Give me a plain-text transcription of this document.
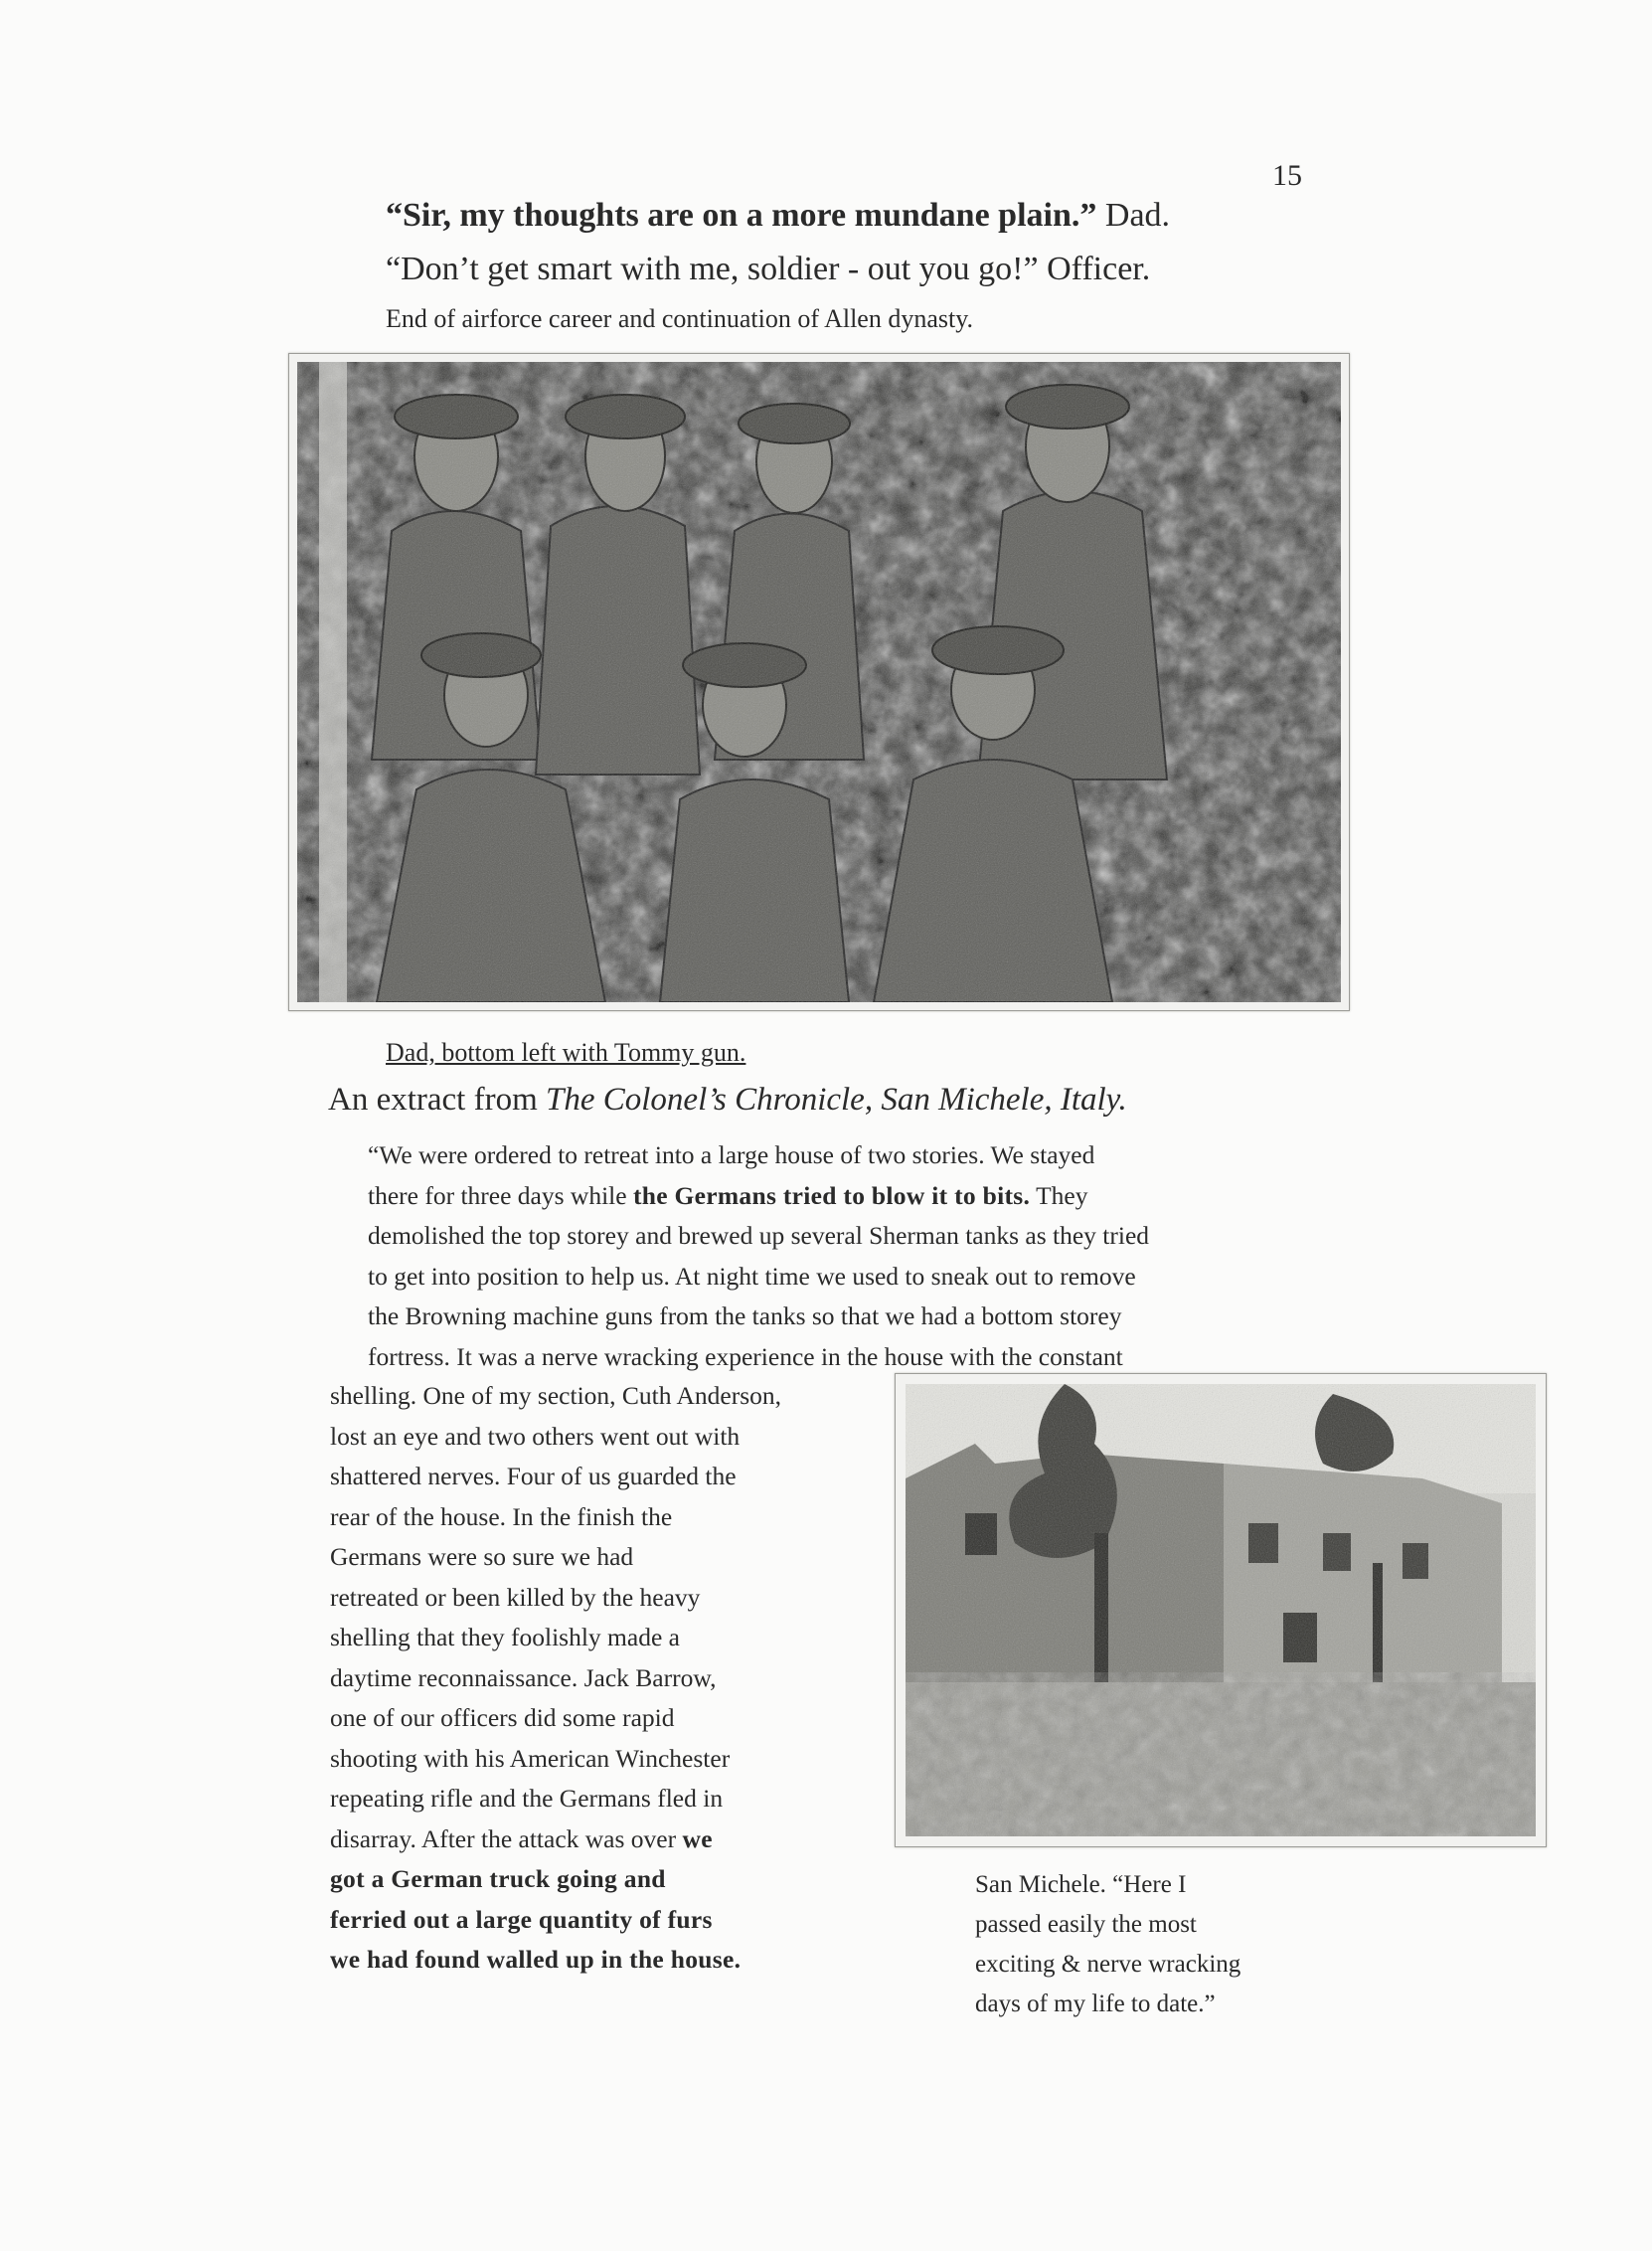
15
“Sir, my thoughts are on a more mundane plain.” Dad.
“Don’t get smart with me, soldier - out you go!” Officer.
End of airforce career and continuation of Allen dynasty.
Dad, bottom left with Tommy gun.
An extract from The Colonel’s Chronicle, San Michele, Italy.
“We were ordered to retreat into a large house of two stories. We stayed
there for three days while the Germans tried to blow it to bits. They
demolished the top storey and brewed up several Sherman tanks as they tried
to get into position to help us. At night time we used to sneak out to remove
the Browning machine guns from the tanks so that we had a bottom storey
fortress. It was a nerve wracking experience in the house with the constant
shelling. One of my section, Cuth Anderson,
lost an eye and two others went out with
shattered nerves. Four of us guarded the
rear of the house. In the finish the
Germans were so sure we had
retreated or been killed by the heavy
shelling that they foolishly made a
daytime reconnaissance. Jack Barrow,
one of our officers did some rapid
shooting with his American Winchester
repeating rifle and the Germans fled in
disarray. After the attack was over we
got a German truck going and
ferried out a large quantity of furs
we had found walled up in the house.
San Michele. “Here I
passed easily the most
exciting & nerve wracking
days of my life to date.”
